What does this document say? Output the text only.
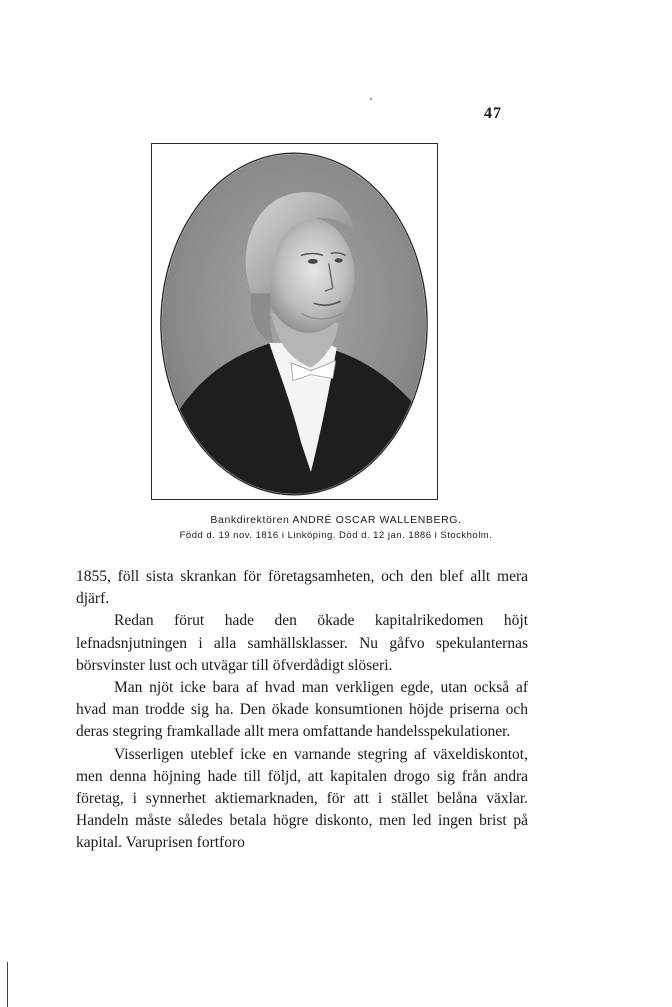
47
Bankdirektören ANDRÉ OSCAR WALLENBERG.
Född d. 19 nov. 1816 i Linköping. Död d. 12 jan. 1886 i Stockholm.

1855, föll sista skrankan för företagsamheten, och den blef allt mera djärf.

Redan förut hade den ökade kapitalrikedomen höjt lefnadsnjutningen i alla samhällsklasser. Nu gåfvo spekulanternas börsvinster lust och utvägar till öfverdådigt slöseri.

Man njöt icke bara af hvad man verkligen egde, utan också af hvad man trodde sig ha. Den ökade konsumtionen höjde priserna och deras stegring framkallade allt mera omfattande handelsspekulationer.

Visserligen uteblef icke en varnande stegring af växeldiskontot, men denna höjning hade till följd, att kapitalen drogo sig från andra företag, i synnerhet aktiemarknaden, för att i stället belåna växlar. Handeln måste således betala högre diskonto, men led ingen brist på kapital. Varuprisen fortforo
